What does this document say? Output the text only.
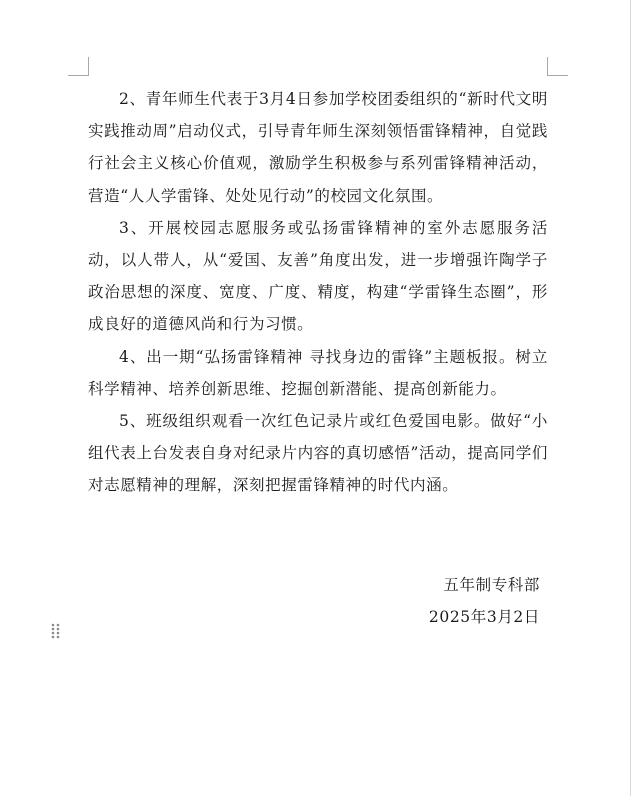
2、青年师生代表于3月4日参加学校团委组织的“新时代文明实践推动周”启动仪式，引导青年师生深刻领悟雷锋精神，自觉践行社会主义核心价值观，激励学生积极参与系列雷锋精神活动，营造“人人学雷锋、处处见行动”的校园文化氛围。

3、开展校园志愿服务或弘扬雷锋精神的室外志愿服务活动，以人带人，从“爱国、友善”角度出发，进一步增强许陶学子政治思想的深度、宽度、广度、精度，构建“学雷锋生态圈”，形成良好的道德风尚和行为习惯。

4、出一期“弘扬雷锋精神 寻找身边的雷锋”主题板报。树立科学精神、培养创新思维、挖掘创新潜能、提高创新能力。

5、班级组织观看一次红色记录片或红色爱国电影。做好“小组代表上台发表自身对纪录片内容的真切感悟”活动，提高同学们对志愿精神的理解，深刻把握雷锋精神的时代内涵。

五年制专科部
2025年3月2日
